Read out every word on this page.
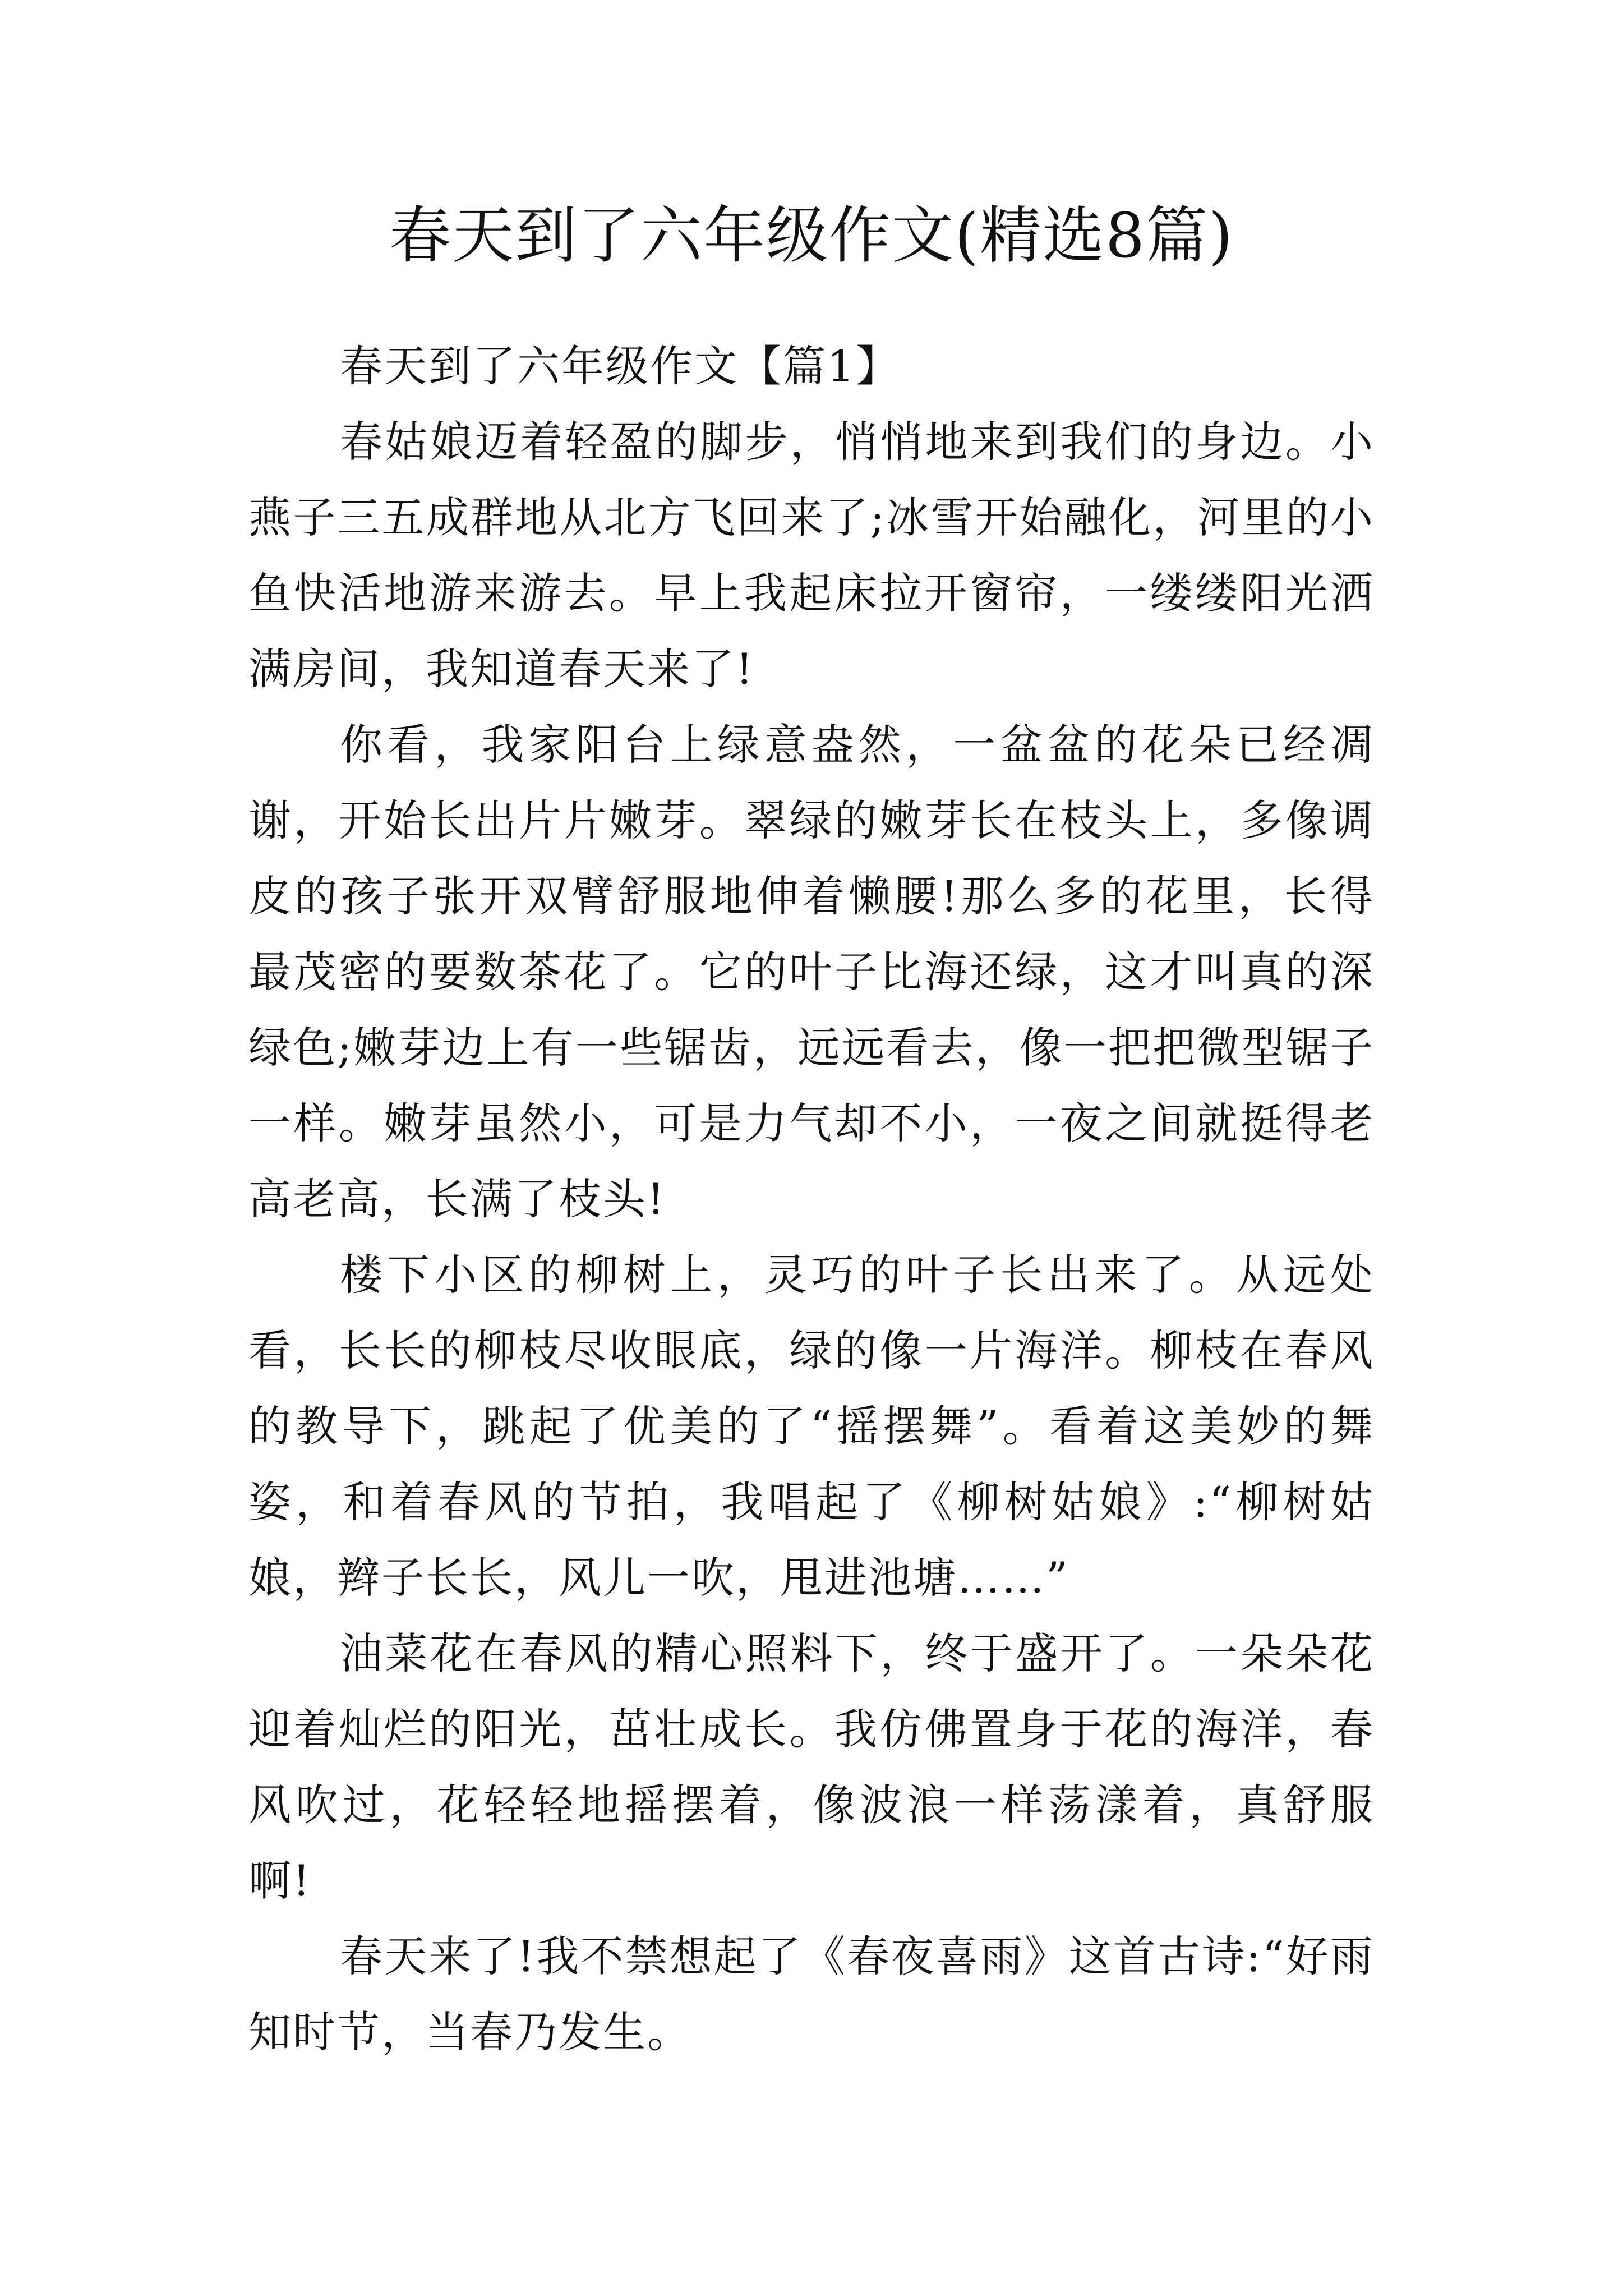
春天到了六年级作文(精选8篇)

春天到了六年级作文【篇1】

春姑娘迈着轻盈的脚步，悄悄地来到我们的身边。小燕子三五成群地从北方飞回来了;冰雪开始融化，河里的小鱼快活地游来游去。早上我起床拉开窗帘，一缕缕阳光洒满房间，我知道春天来了!

你看，我家阳台上绿意盎然，一盆盆的花朵已经凋谢，开始长出片片嫩芽。翠绿的嫩芽长在枝头上，多像调皮的孩子张开双臂舒服地伸着懒腰!那么多的花里，长得最茂密的要数茶花了。它的叶子比海还绿，这才叫真的深绿色;嫩芽边上有一些锯齿，远远看去，像一把把微型锯子一样。嫩芽虽然小，可是力气却不小，一夜之间就挺得老高老高，长满了枝头!

楼下小区的柳树上，灵巧的叶子长出来了。从远处看，长长的柳枝尽收眼底，绿的像一片海洋。柳枝在春风的教导下，跳起了优美的了“摇摆舞”。看着这美妙的舞姿，和着春风的节拍，我唱起了《柳树姑娘》:“柳树姑娘，辫子长长，风儿一吹，甩进池塘……”

油菜花在春风的精心照料下，终于盛开了。一朵朵花迎着灿烂的阳光，茁壮成长。我仿佛置身于花的海洋，春风吹过，花轻轻地摇摆着，像波浪一样荡漾着，真舒服啊!

春天来了!我不禁想起了《春夜喜雨》这首古诗:“好雨知时节，当春乃发生。
